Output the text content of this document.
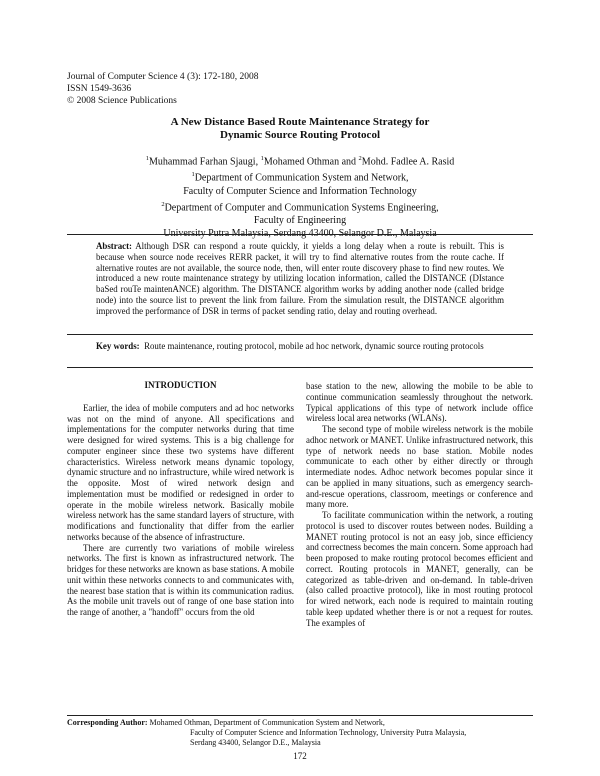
Journal of Computer Science 4 (3): 172-180, 2008
ISSN 1549-3636
© 2008 Science Publications
A New Distance Based Route Maintenance Strategy for
Dynamic Source Routing Protocol
$^1$Muhammad Farhan Sjaugi, $^1$Mohamed Othman and $^2$Mohd. Fadlee A. Rasid
$^1$Department of Communication System and Network,
Faculty of Computer Science and Information Technology
$^2$Department of Computer and Communication Systems Engineering,
Faculty of Engineering
University Putra Malaysia, Serdang 43400, Selangor D.E., Malaysia
Abstract: Although DSR can respond a route quickly, it yields a long delay when a route is rebuilt. This is because when source node receives RERR packet, it will try to find alternative routes from the route cache. If alternative routes are not available, the source node, then, will enter route discovery phase to find new routes. We introduced a new route maintenance strategy by utilizing location information, called the DISTANCE (DIstance baSed rouTe maintenANCE) algorithm. The DISTANCE algorithm works by adding another node (called bridge node) into the source list to prevent the link from failure. From the simulation result, the DISTANCE algorithm improved the performance of DSR in terms of packet sending ratio, delay and routing overhead.
Key words: Route maintenance, routing protocol, mobile ad hoc network, dynamic source routing protocols
INTRODUCTION

Earlier, the idea of mobile computers and ad hoc networks was not on the mind of anyone. All specifications and implementations for the computer networks during that time were designed for wired systems. This is a big challenge for computer engineer since these two systems have different characteristics. Wireless network means dynamic topology, dynamic structure and no infrastructure, while wired network is the opposite. Most of wired network design and implementation must be modified or redesigned in order to operate in the mobile wireless network. Basically mobile wireless network has the same standard layers of structure, with modifications and functionality that differ from the earlier networks because of the absence of infrastructure.

There are currently two variations of mobile wireless networks. The first is known as infrastructured network. The bridges for these networks are known as base stations. A mobile unit within these networks connects to and communicates with, the nearest base station that is within its communication radius. As the mobile unit travels out of range of one base station into the range of another, a "handoff" occurs from the old

base station to the new, allowing the mobile to be able to continue communication seamlessly throughout the network. Typical applications of this type of network include office wireless local area networks (WLANs).

The second type of mobile wireless network is the mobile adhoc network or MANET. Unlike infrastructured network, this type of network needs no base station. Mobile nodes communicate to each other by either directly or through intermediate nodes. Adhoc network becomes popular since it can be applied in many situations, such as emergency search-and-rescue operations, classroom, meetings or conference and many more.

To facilitate communication within the network, a routing protocol is used to discover routes between nodes. Building a MANET routing protocol is not an easy job, since efficiency and correctness becomes the main concern. Some approach had been proposed to make routing protocol becomes efficient and correct. Routing protocols in MANET, generally, can be categorized as table-driven and on-demand. In table-driven (also called proactive protocol), like in most routing protocol for wired network, each node is required to maintain routing table keep updated whether there is or not a request for routes. The examples of

Corresponding Author: Mohamed Othman, Department of Communication System and Network,
Faculty of Computer Science and Information Technology, University Putra Malaysia,
Serdang 43400, Selangor D.E., Malaysia
172
